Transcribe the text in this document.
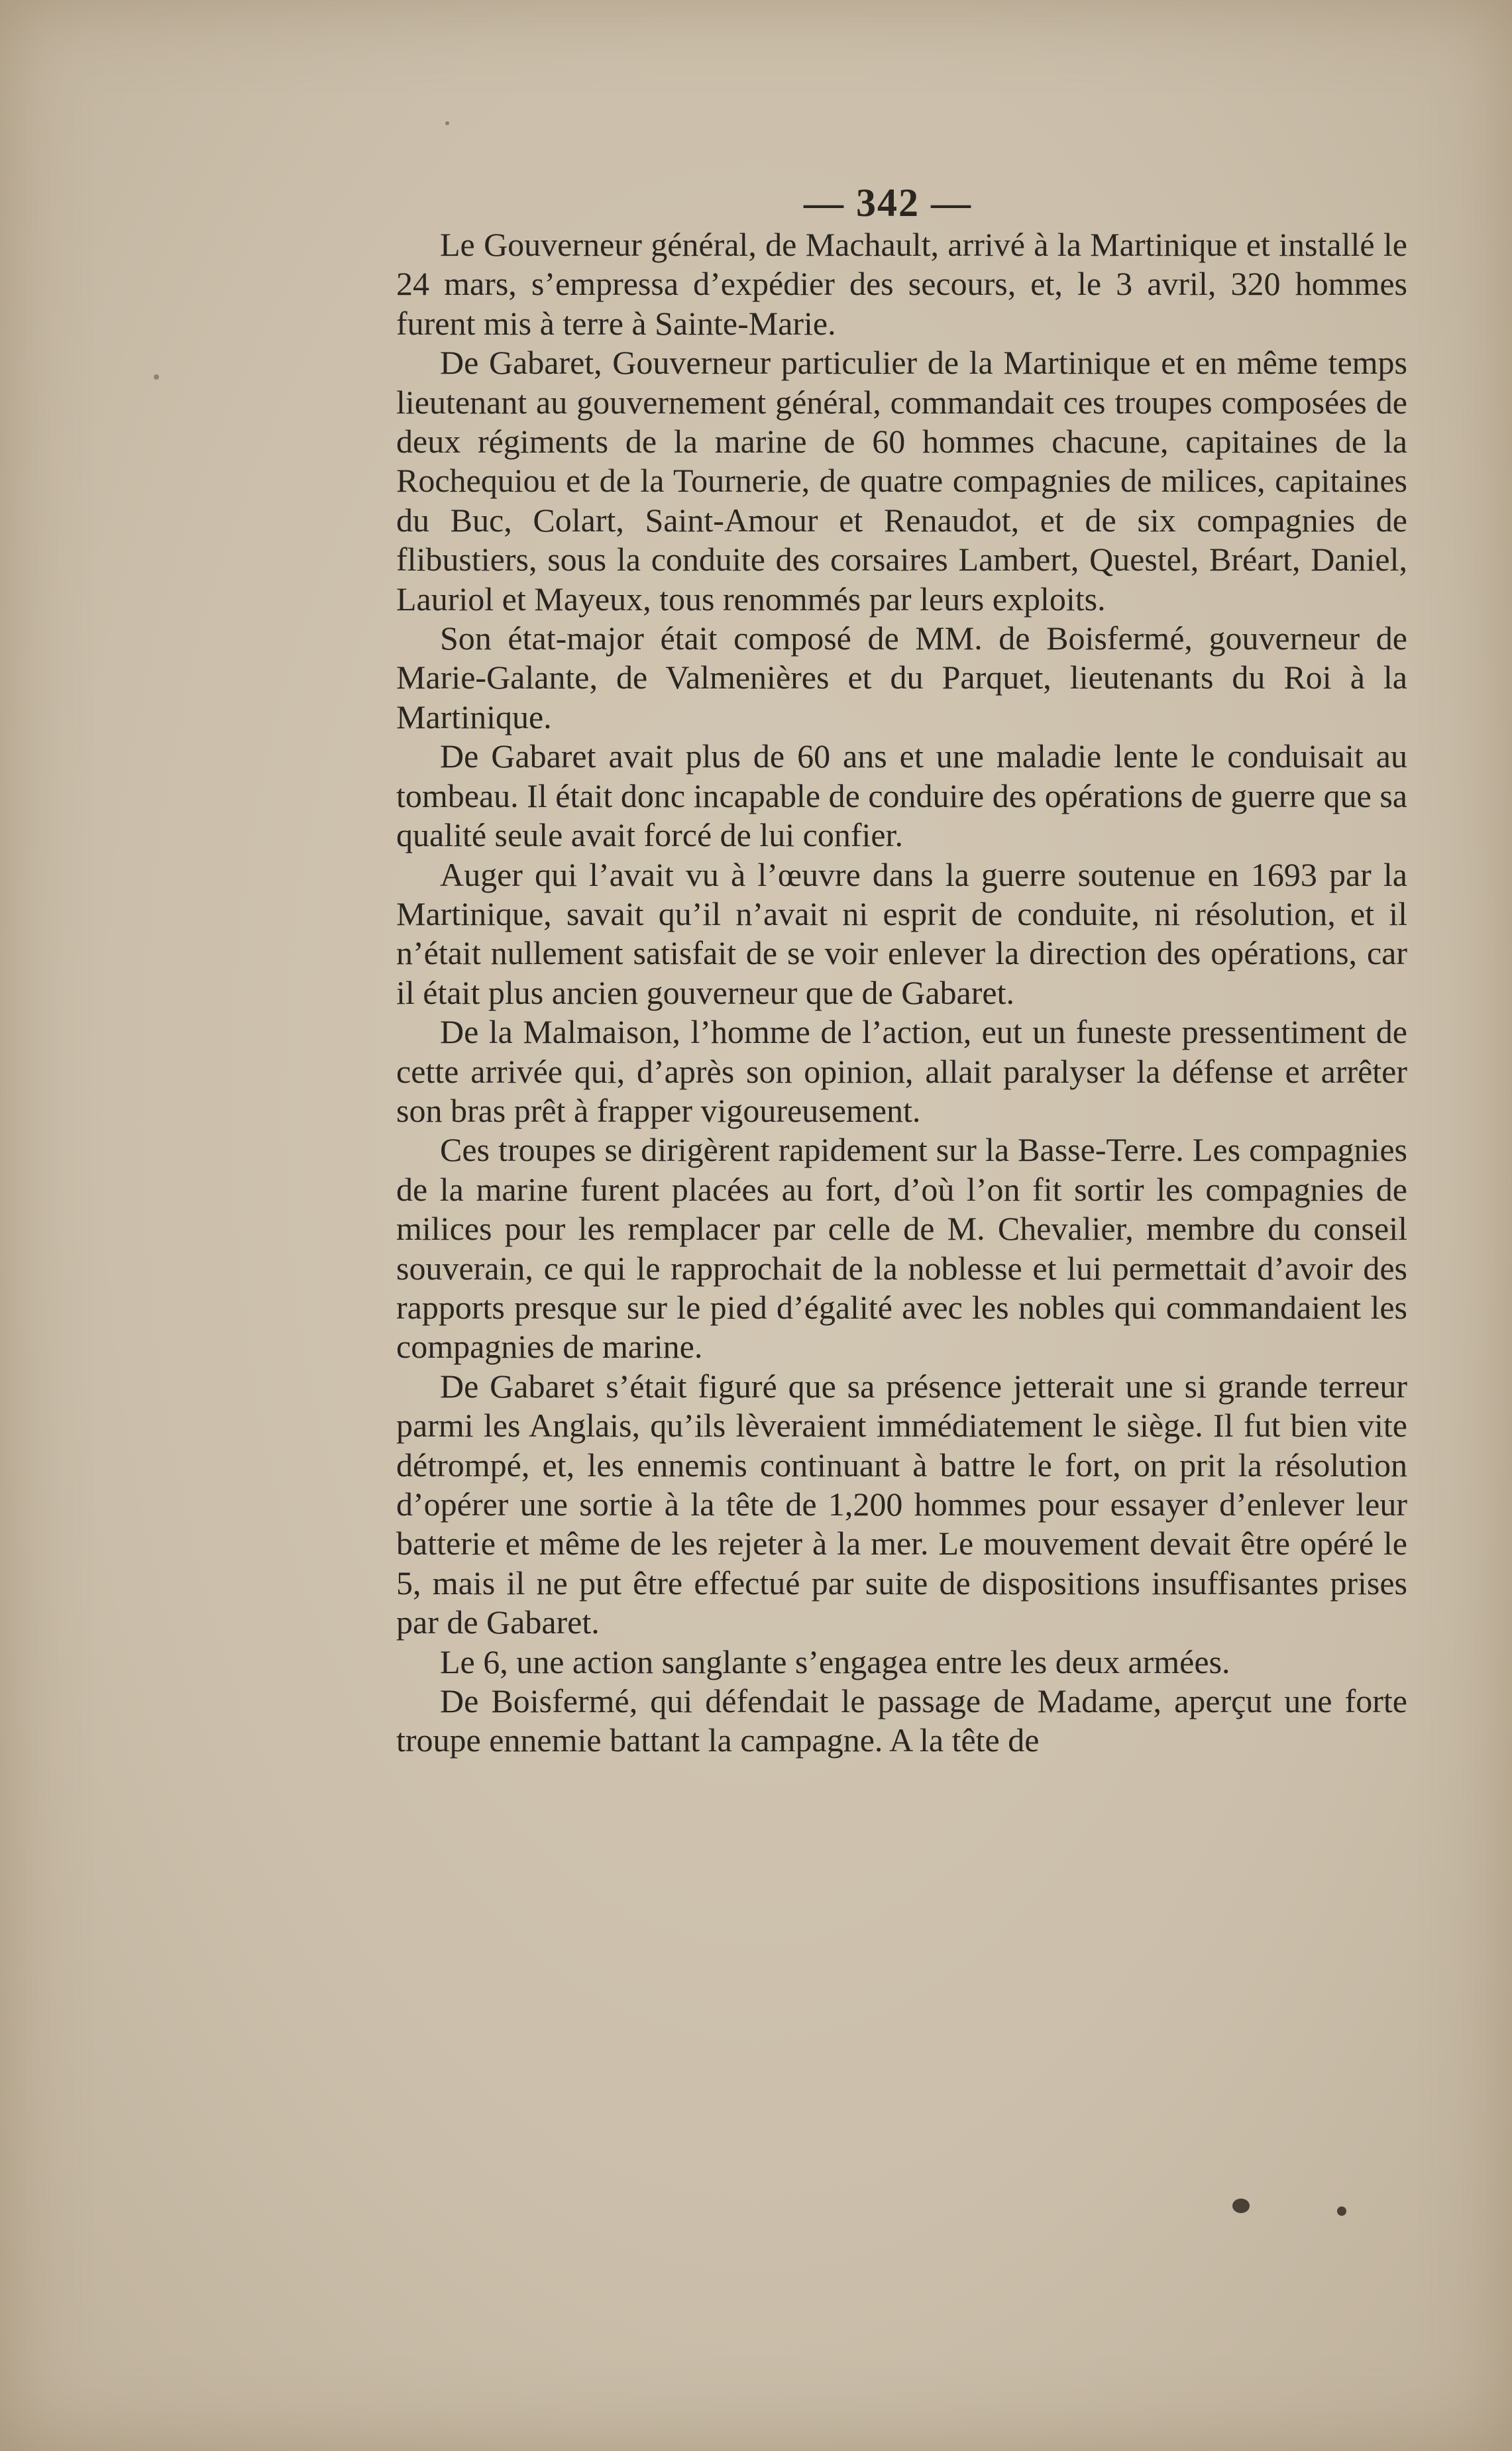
— 342 —

Le Gouverneur général, de Machault, arrivé à la Martinique et installé le 24 mars, s’empressa d’expédier des secours, et, le 3 avril, 320 hommes furent mis à terre à Sainte-Marie.

De Gabaret, Gouverneur particulier de la Martinique et en même temps lieutenant au gouvernement général, commandait ces troupes composées de deux régiments de la marine de 60 hommes chacune, capitaines de la Rochequiou et de la Tournerie, de quatre compagnies de milices, capitaines du Buc, Colart, Saint-Amour et Renaudot, et de six compagnies de flibustiers, sous la conduite des corsaires Lambert, Questel, Bréart, Daniel, Lauriol et Mayeux, tous renommés par leurs exploits.

Son état-major était composé de MM. de Boisfermé, gouverneur de Marie-Galante, de Valmenières et du Parquet, lieutenants du Roi à la Martinique.

De Gabaret avait plus de 60 ans et une maladie lente le conduisait au tombeau. Il était donc incapable de conduire des opérations de guerre que sa qualité seule avait forcé de lui confier.

Auger qui l’avait vu à l’œuvre dans la guerre soutenue en 1693 par la Martinique, savait qu’il n’avait ni esprit de conduite, ni résolution, et il n’était nullement satisfait de se voir enlever la direction des opérations, car il était plus ancien gouverneur que de Gabaret.

De la Malmaison, l’homme de l’action, eut un funeste pressentiment de cette arrivée qui, d’après son opinion, allait paralyser la défense et arrêter son bras prêt à frapper vigoureusement.

Ces troupes se dirigèrent rapidement sur la Basse-Terre. Les compagnies de la marine furent placées au fort, d’où l’on fit sortir les compagnies de milices pour les remplacer par celle de M. Chevalier, membre du conseil souverain, ce qui le rapprochait de la noblesse et lui permettait d’avoir des rapports presque sur le pied d’égalité avec les nobles qui commandaient les compagnies de marine.

De Gabaret s’était figuré que sa présence jetterait une si grande terreur parmi les Anglais, qu’ils lèveraient immédiatement le siège. Il fut bien vite détrompé, et, les ennemis continuant à battre le fort, on prit la résolution d’opérer une sortie à la tête de 1,200 hommes pour essayer d’enlever leur batterie et même de les rejeter à la mer. Le mouvement devait être opéré le 5, mais il ne put être effectué par suite de dispositions insuffisantes prises par de Gabaret.

Le 6, une action sanglante s’engagea entre les deux armées.

De Boisfermé, qui défendait le passage de Madame, aperçut une forte troupe ennemie battant la campagne. A la tête de
